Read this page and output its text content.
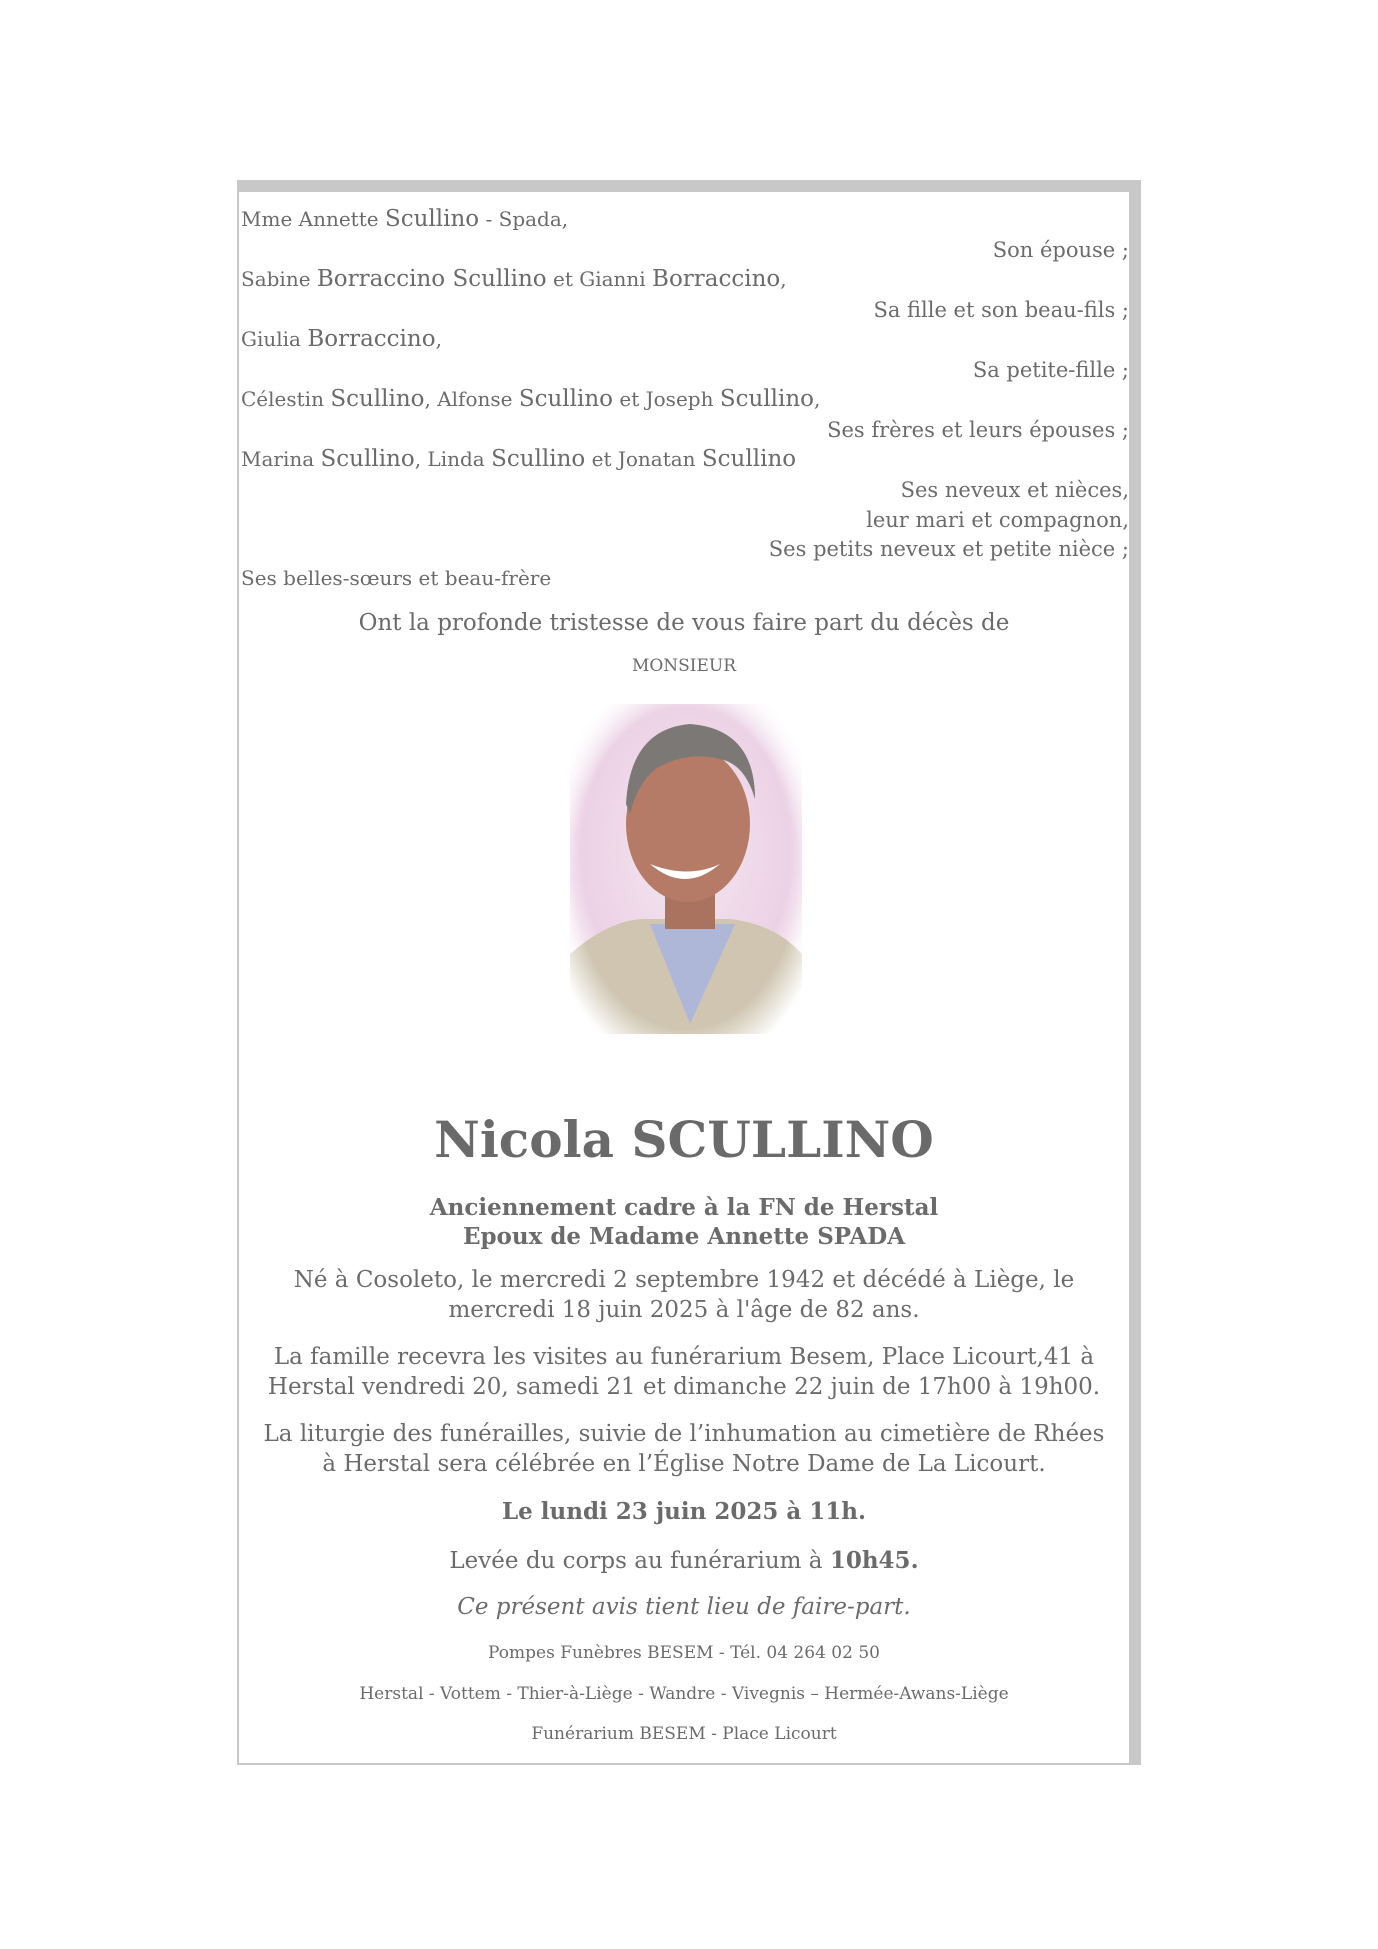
Mme Annette Scullino - Spada,
Son épouse ;
Sabine Borraccino Scullino et Gianni Borraccino,
Sa fille et son beau-fils ;
Giulia Borraccino,
Sa petite-fille ;
Célestin Scullino, Alfonse Scullino et Joseph Scullino,
Ses frères et leurs épouses ;
Marina Scullino, Linda Scullino et Jonatan Scullino
Ses neveux et nièces,
leur mari et compagnon,
Ses petits neveux et petite nièce ;
Ses belles-sœurs et beau-frère
Ont la profonde tristesse de vous faire part du décès de
MONSIEUR
Nicola SCULLINO
Anciennement cadre à la FN de Herstal
Epoux de Madame Annette SPADA
Né à Cosoleto, le mercredi 2 septembre 1942 et décédé à Liège, le mercredi 18 juin 2025 à l'âge de 82 ans.
La famille recevra les visites au funérarium Besem, Place Licourt,41 à Herstal vendredi 20, samedi 21 et dimanche 22 juin de 17h00 à 19h00.
La liturgie des funérailles, suivie de l’inhumation au cimetière de Rhées à Herstal sera célébrée en l’Église Notre Dame de La Licourt.
Le lundi 23 juin 2025 à 11h.
Levée du corps au funérarium à 10h45.
Ce présent avis tient lieu de faire-part.
Pompes Funèbres BESEM - Tél. 04 264 02 50
Herstal - Vottem - Thier-à-Liège - Wandre - Vivegnis – Hermée-Awans-Liège
Funérarium BESEM - Place Licourt
